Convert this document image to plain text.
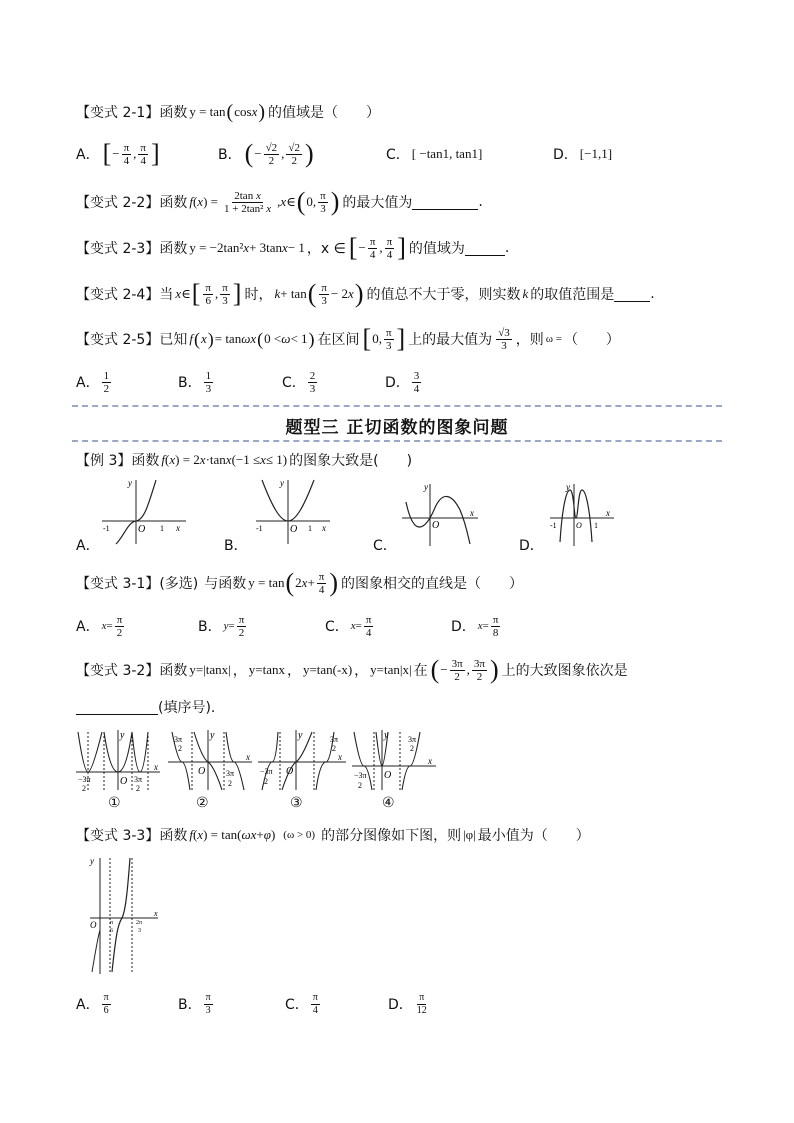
【变式 2-1】 函数 y = tan ( cos x ) 的值域是（　　）
A． [ − $\frac{\pi}{4}$ , $\frac{\pi}{4}$ ]	B． ( − $\frac{√2}{2}$ , $\frac{√2}{2}$ )	C． [ −tan1, tan1]	D． [−1,1]
【变式 2-2】 函数 f ( x ) = $\frac{\text{2tan x}}{\text{1 + 2tan² x}}$ , x ∈ ( 0, $\frac{\pi}{3}$ ) 的最大值为	.
【变式 2-3】 函数 y = −2tan² x + 3tan x − 1 ，x ∈ [ − $\frac{\pi}{4}$ , $\frac{\pi}{4}$ ] 的值域为	.
【变式 2-4】 当 x ∈ [ $\frac{\pi}{6}$ , $\frac{\pi}{3}$ ] 时， k + tan ( $\frac{\pi}{3} - 2$ x ) 的值总不大于零，则实数 k 的取值范围是	.
【变式 2-5】 已知 f ( x ) = tan ωx ( 0 < ω < 1 ) 在区间 [ 0, $\frac{\pi}{3}$ ] 上的最大值为 $\frac{√3}{3}$ ，则 ω = （　　）
A． $\frac{1}{2}$	B． $\frac{1}{3}$	C． $\frac{2}{3}$	D． $\frac{3}{4}$
题型三 正切函数的图象问题
【例 3】 函数 f ( x ) = 2 x ·tan x (−1 ≤ x ≤ 1) 的图象大致是(　　)
y
-1	O 1 x
A．
y
-1	O 1 x
B．
y
O
x
C．
y
-1 O 1
x
D．
【变式 3-1】 (多选) 与函数 y = tan ( 2 $x + \frac{\pi}{4}$ ) 的图象相交的直线是（　　）
A． $x = \frac{\pi}{2}$	B． $y = \frac{\pi}{2}$	C． $x = \frac{\pi}{4}$	D． $x = \frac{\pi}{8}$
【变式 3-2】 函数 y=|tanx| ， y=tanx ， y=tan(-x) ， y=tan|x| 在 ( − $\frac{3\pi}{2}$ , $\frac{3\pi}{2}$ ) 上的大致图象依次是
(填序号).
y
O
−3π
2
3π
2
x
①
y
O
3π
2
3π
2
x
②
y
O
−3π
2
3π
2
x
③
y
O
−3π
2
3π
2
x
④
【变式 3-3】 函数 f ( x ) = tan( ωx + φ ) (ω > 0) 的部分图像如下图，则 |φ| 最小值为（　　）
y
O π
6
2π
3
x
A． $\frac{\pi}{6}$	B． $\frac{\pi}{3}$	C． $\frac{\pi}{4}$	D． $\frac{\pi}{12}$
